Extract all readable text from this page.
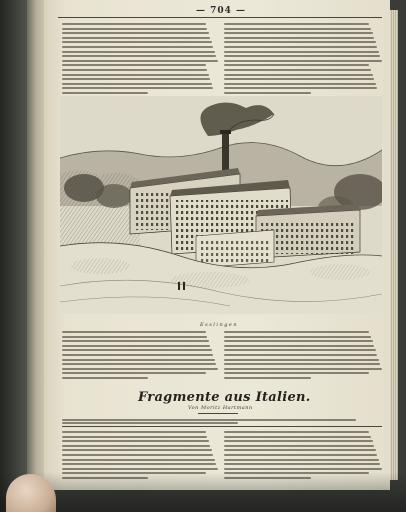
— 704 —
Esslingen
Fragmente aus Italien.
Von Moritz Hartmann
